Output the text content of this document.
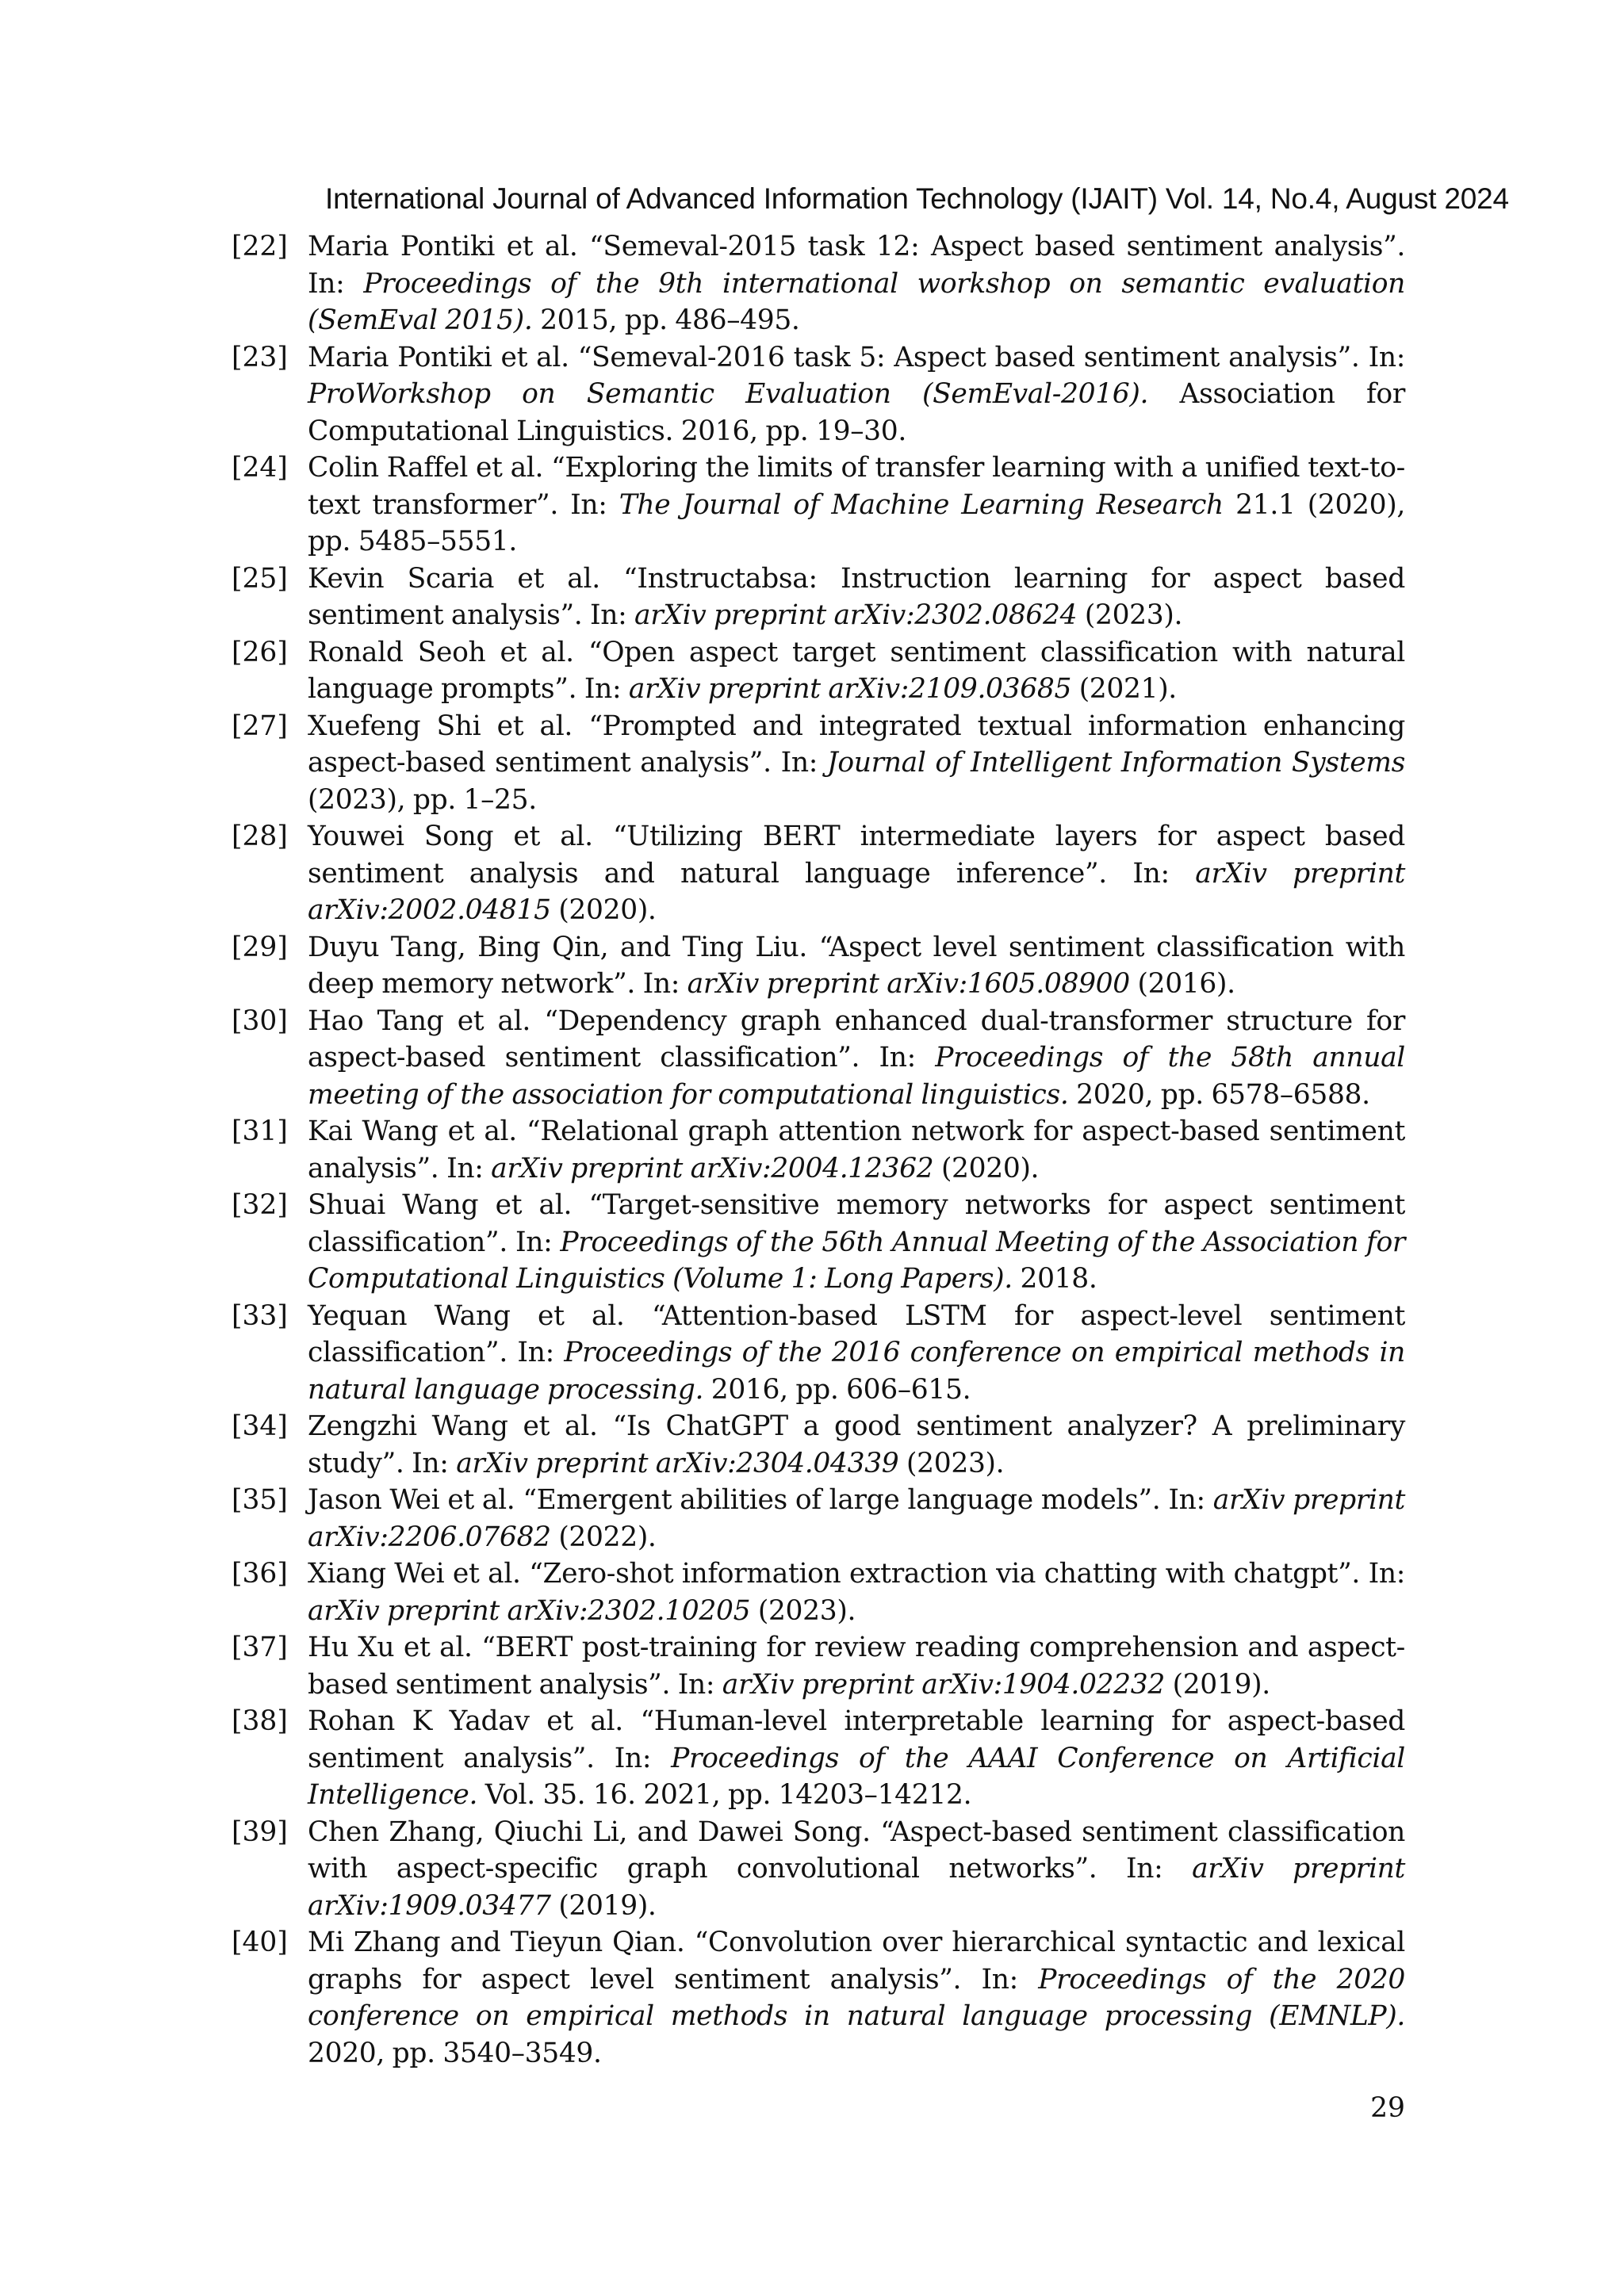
International Journal of Advanced Information Technology (IJAIT) Vol. 14, No.4, August 2024
[22] Maria Pontiki et al. “Semeval-2015 task 12: Aspect based sentiment analysis”. In: Proceedings of the 9th international workshop on semantic evaluation (SemEval 2015). 2015, pp. 486–495.
[23] Maria Pontiki et al. “Semeval-2016 task 5: Aspect based sentiment analysis”. In: ProWorkshop on Semantic Evaluation (SemEval-2016). Association for Computational Linguistics. 2016, pp. 19–30.
[24] Colin Raffel et al. “Exploring the limits of transfer learning with a unified text-to-text transformer”. In: The Journal of Machine Learning Research 21.1 (2020), pp. 5485–5551.
[25] Kevin Scaria et al. “Instructabsa: Instruction learning for aspect based sentiment analysis”. In: arXiv preprint arXiv:2302.08624 (2023).
[26] Ronald Seoh et al. “Open aspect target sentiment classification with natural language prompts”. In: arXiv preprint arXiv:2109.03685 (2021).
[27] Xuefeng Shi et al. “Prompted and integrated textual information enhancing aspect-based sentiment analysis”. In: Journal of Intelligent Information Systems (2023), pp. 1–25.
[28] Youwei Song et al. “Utilizing BERT intermediate layers for aspect based sentiment analysis and natural language inference”. In: arXiv preprint arXiv:2002.04815 (2020).
[29] Duyu Tang, Bing Qin, and Ting Liu. “Aspect level sentiment classification with deep memory network”. In: arXiv preprint arXiv:1605.08900 (2016).
[30] Hao Tang et al. “Dependency graph enhanced dual-transformer structure for aspect-based sentiment classification”. In: Proceedings of the 58th annual meeting of the association for computational linguistics. 2020, pp. 6578–6588.
[31] Kai Wang et al. “Relational graph attention network for aspect-based sentiment analysis”. In: arXiv preprint arXiv:2004.12362 (2020).
[32] Shuai Wang et al. “Target-sensitive memory networks for aspect sentiment classification”. In: Proceedings of the 56th Annual Meeting of the Association for Computational Linguistics (Volume 1: Long Papers). 2018.
[33] Yequan Wang et al. “Attention-based LSTM for aspect-level sentiment classification”. In: Proceedings of the 2016 conference on empirical methods in natural language processing. 2016, pp. 606–615.
[34] Zengzhi Wang et al. “Is ChatGPT a good sentiment analyzer? A preliminary study”. In: arXiv preprint arXiv:2304.04339 (2023).
[35] Jason Wei et al. “Emergent abilities of large language models”. In: arXiv preprint arXiv:2206.07682 (2022).
[36] Xiang Wei et al. “Zero-shot information extraction via chatting with chatgpt”. In: arXiv preprint arXiv:2302.10205 (2023).
[37] Hu Xu et al. “BERT post-training for review reading comprehension and aspect-based sentiment analysis”. In: arXiv preprint arXiv:1904.02232 (2019).
[38] Rohan K Yadav et al. “Human-level interpretable learning for aspect-based sentiment analysis”. In: Proceedings of the AAAI Conference on Artificial Intelligence. Vol. 35. 16. 2021, pp. 14203–14212.
[39] Chen Zhang, Qiuchi Li, and Dawei Song. “Aspect-based sentiment classification with aspect-specific graph convolutional networks”. In: arXiv preprint arXiv:1909.03477 (2019).
[40] Mi Zhang and Tieyun Qian. “Convolution over hierarchical syntactic and lexical graphs for aspect level sentiment analysis”. In: Proceedings of the 2020 conference on empirical methods in natural language processing (EMNLP). 2020, pp. 3540–3549.
29
